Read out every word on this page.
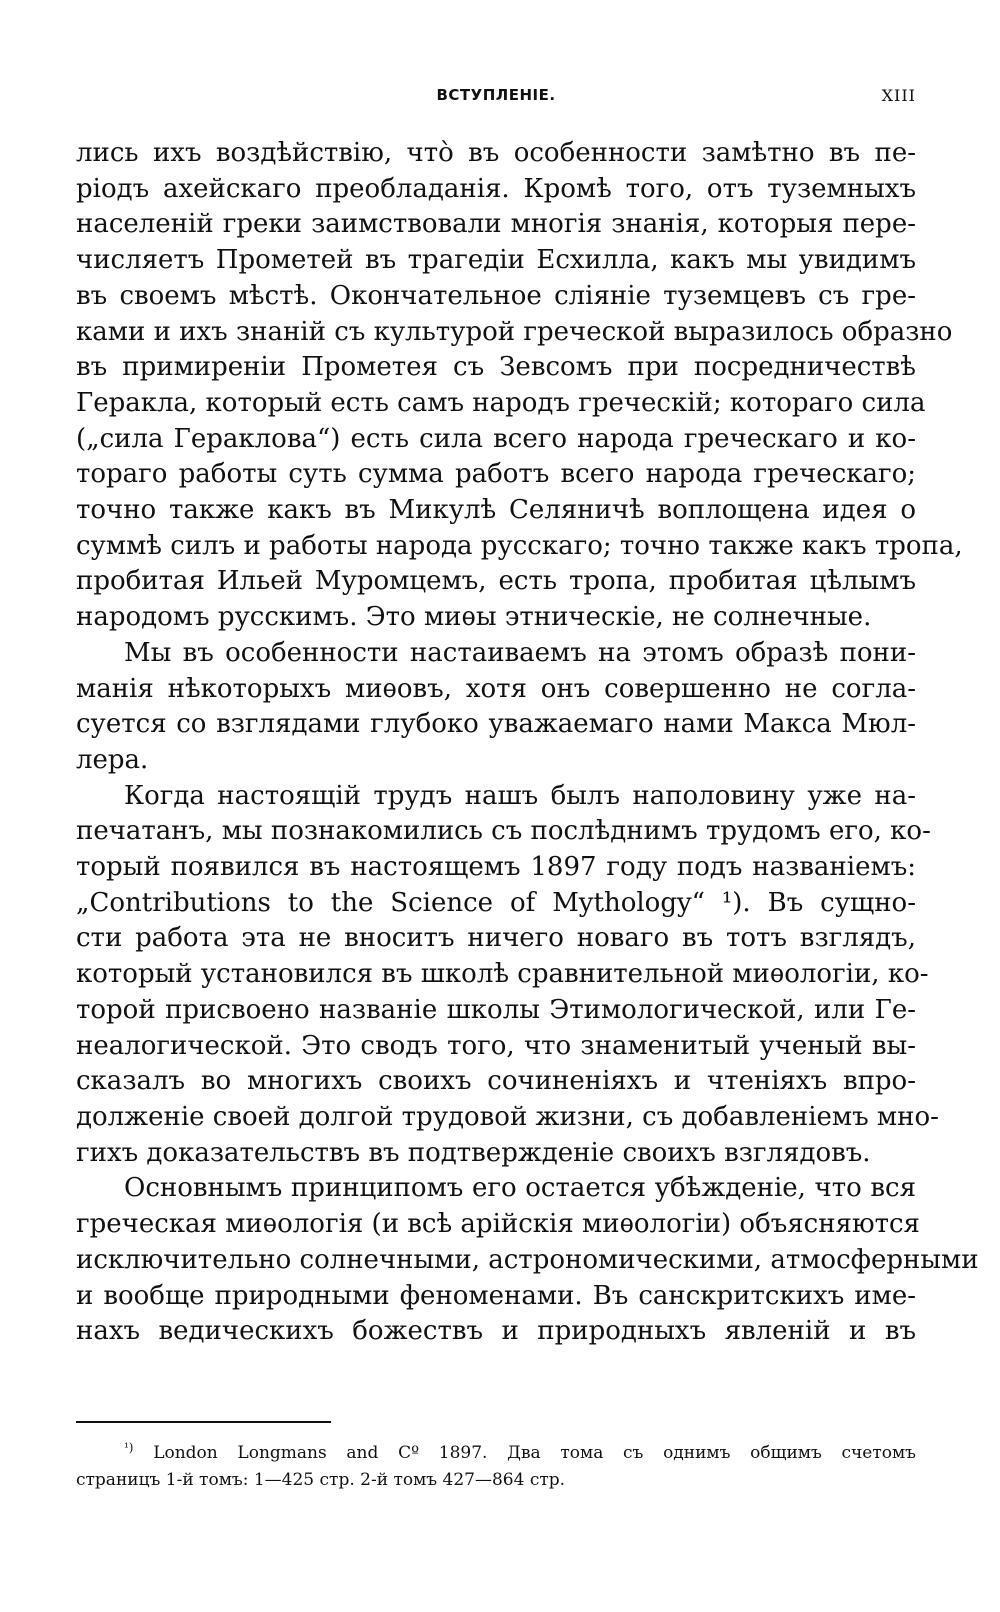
ВСТУПЛЕНІЕ.	XIII

лись ихъ воздѣйствію, что̀ въ особенности замѣтно въ пе-

ріодъ ахейскаго преобладанія. Кромѣ того, отъ туземныхъ

населеній греки заимствовали многія знанія, которыя пере-

числяетъ Прометей въ трагедіи Есхилла, какъ мы увидимъ

въ своемъ мѣстѣ. Окончательное сліяніе туземцевъ съ гре-

ками и ихъ знаній съ культурой греческой выразилось образно

въ примиреніи Прометея съ Зевсомъ при посредничествѣ

Геракла, который есть самъ народъ греческій; котораго сила

(„сила Гераклова“) есть сила всего народа греческаго и ко-

тораго работы суть сумма работъ всего народа греческаго;

точно также какъ въ Микулѣ Селяничѣ воплощена идея о

суммѣ силъ и работы народа русскаго; точно также какъ тропа,

пробитая Ильей Муромцемъ, есть тропа, пробитая цѣлымъ

народомъ русскимъ. Это миѳы этническіе, не солнечные.

Мы въ особенности настаиваемъ на этомъ образѣ пони-

манія нѣкоторыхъ миѳовъ, хотя онъ совершенно не согла-

суется со взглядами глубоко уважаемаго нами Макса Мюл-

лера.

Когда настоящій трудъ нашъ былъ наполовину уже на-

печатанъ, мы познакомились съ послѣднимъ трудомъ его, ко-

торый появился въ настоящемъ 1897 году подъ названіемъ:

„Contributions to the Science of Mythology“ ¹). Въ сущно-

сти работа эта не вноситъ ничего новаго въ тотъ взглядъ,

который установился въ школѣ сравнительной миѳологіи, ко-

торой присвоено названіе школы Этимологической, или Ге-

неалогической. Это сводъ того, что знаменитый ученый вы-

сказалъ во многихъ своихъ сочиненіяхъ и чтеніяхъ впро-

долженіе своей долгой трудовой жизни, съ добавленіемъ мно-

гихъ доказательствъ въ подтвержденіе своихъ взглядовъ.

Основнымъ принципомъ его остается убѣжденіе, что вся

греческая миѳологія (и всѣ арійскія миѳологіи) объясняются

исключительно солнечными, астрономическими, атмосферными

и вообще природными феноменами. Въ санскритскихъ име-

нахъ ведическихъ божествъ и природныхъ явленій и въ

$^{^1)}$ London Longmans and Cº 1897. Два тома съ однимъ общимъ счетомъ

страницъ 1-й томъ: 1—425 стр. 2-й томъ 427—864 стр.
